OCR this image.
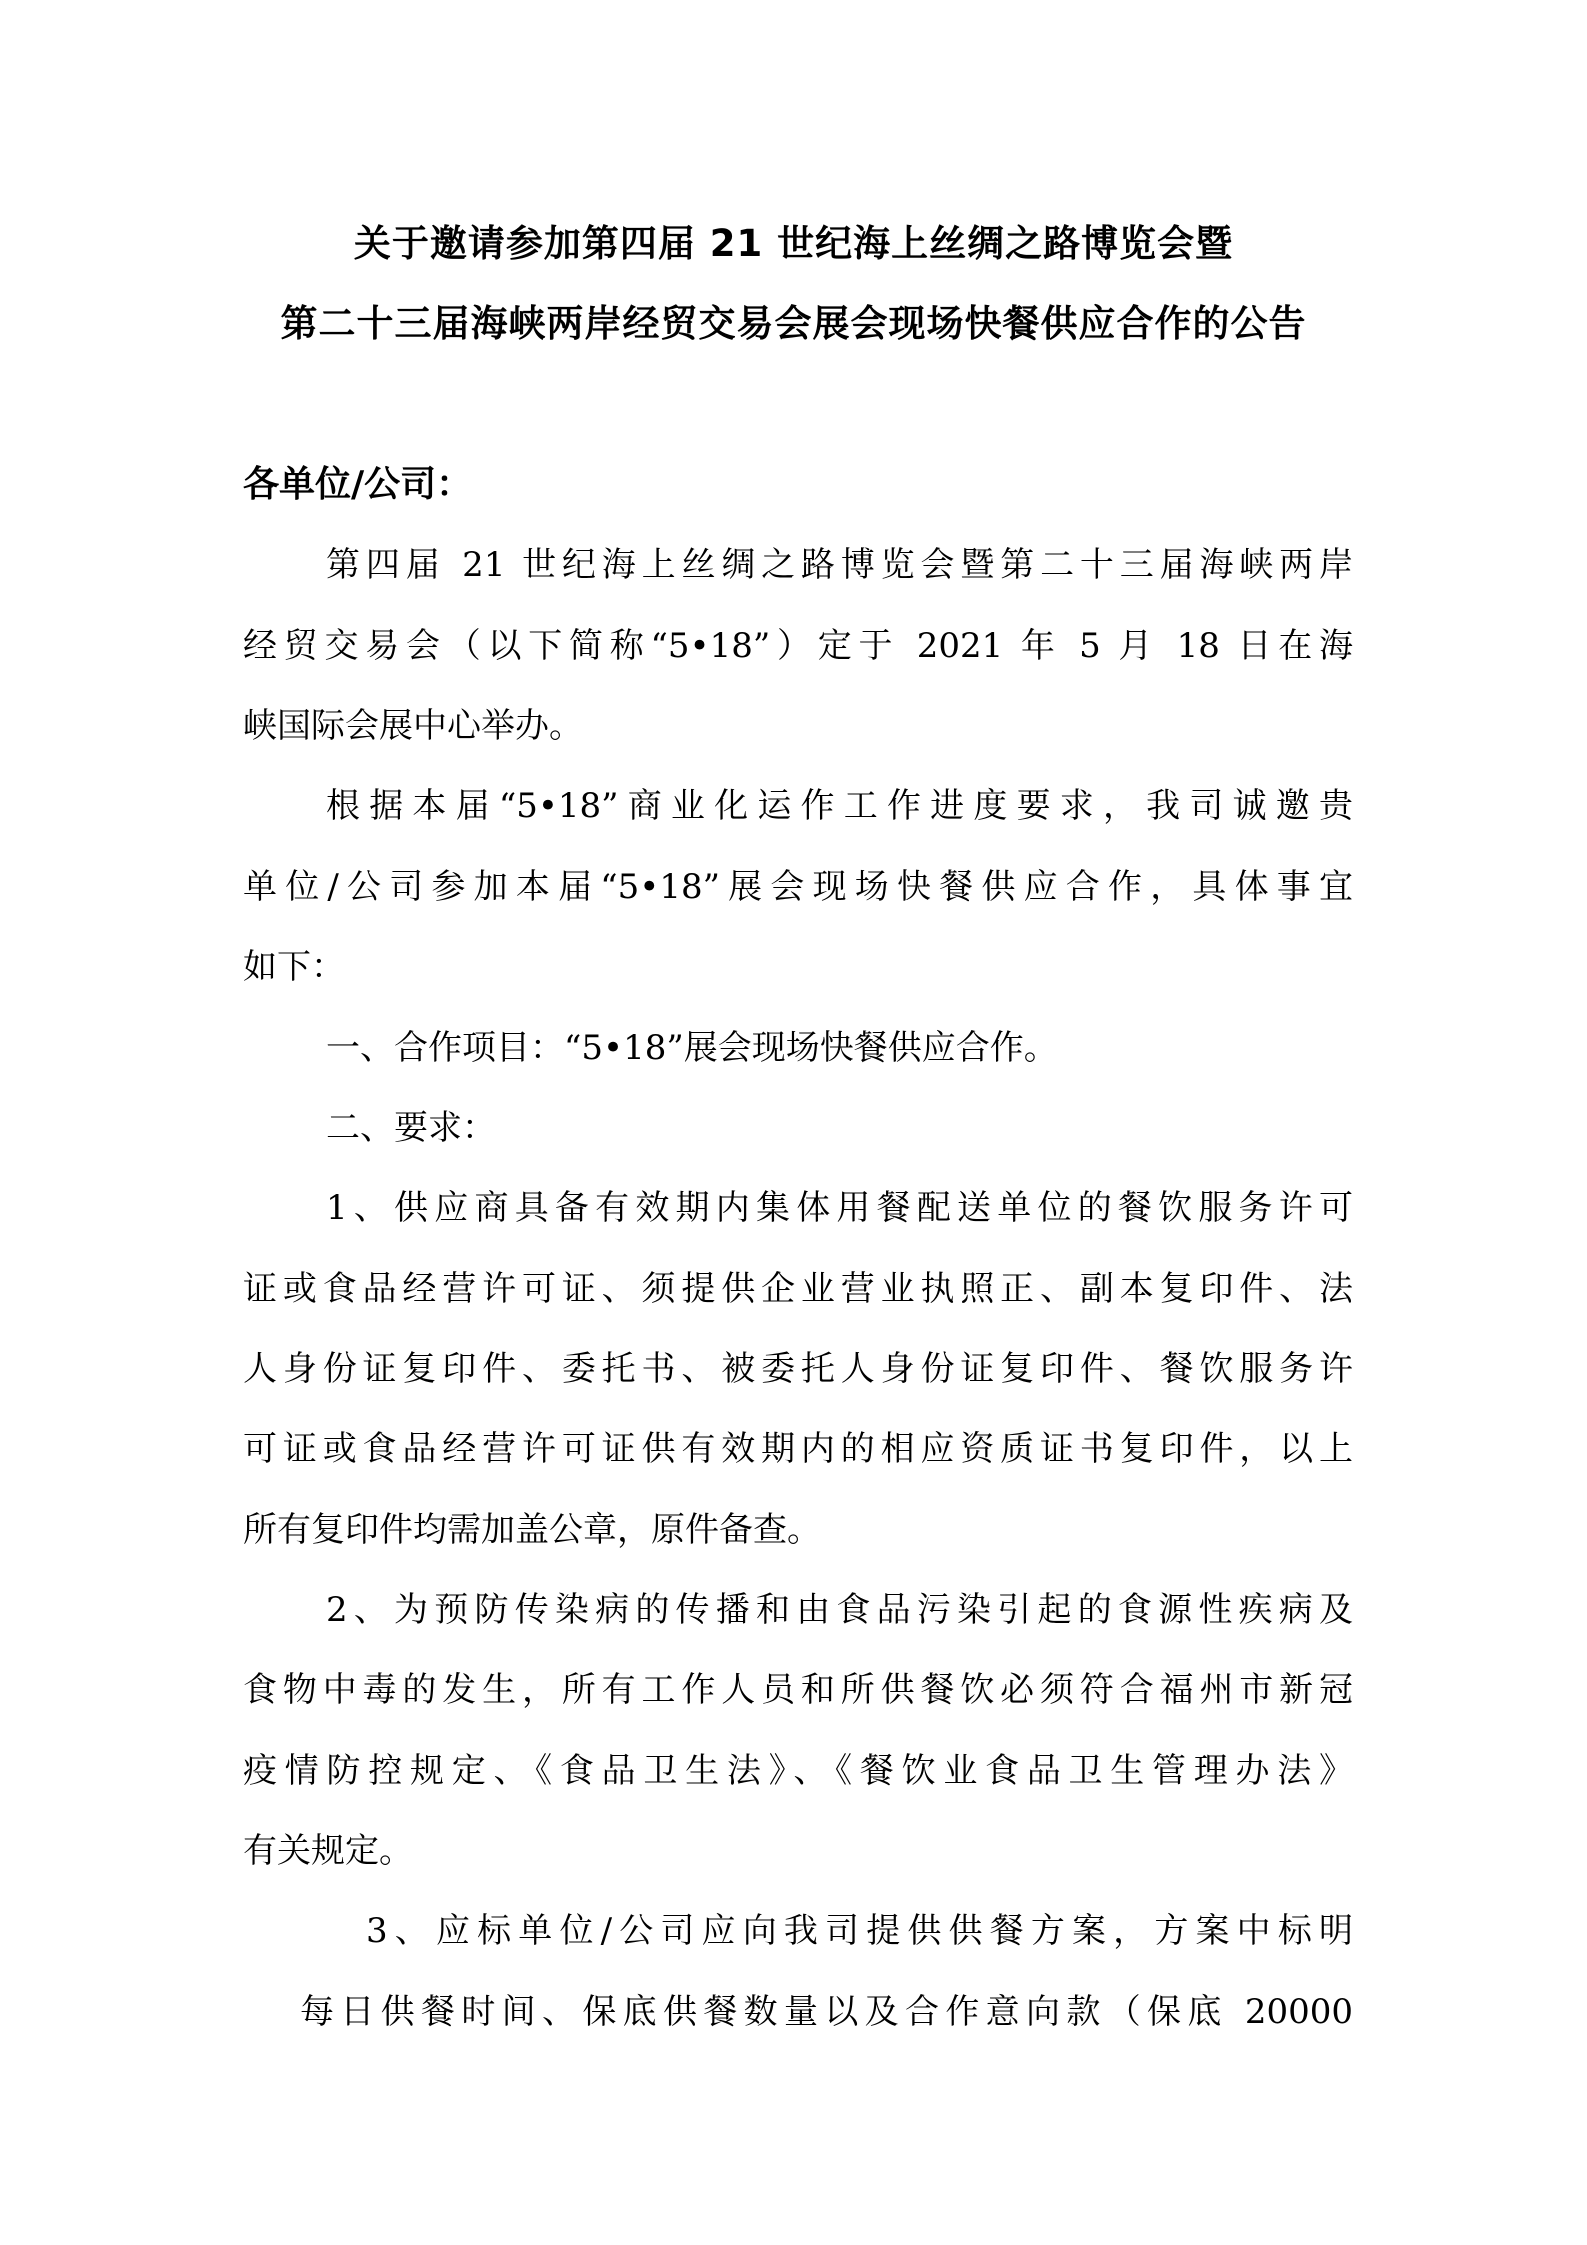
关于邀请参加第四届 21 世纪海上丝绸之路博览会暨
第二十三届海峡两岸经贸交易会展会现场快餐供应合作的公告
各单位/公司：
第四届 21 世纪海上丝绸之路博览会暨第二十三届海峡两岸
经贸交易会（以下简称“5•18”）定于 2021 年 5 月 18 日在海
峡国际会展中心举办。
根据本届“5•18”商业化运作工作进度要求，我司诚邀贵
单位/公司参加本届“5•18”展会现场快餐供应合作，具体事宜
如下：
一、合作项目：“5•18”展会现场快餐供应合作。
二、要求：
1、供应商具备有效期内集体用餐配送单位的餐饮服务许可
证或食品经营许可证、须提供企业营业执照正、副本复印件、法
人身份证复印件、委托书、被委托人身份证复印件、餐饮服务许
可证或食品经营许可证供有效期内的相应资质证书复印件，以上
所有复印件均需加盖公章，原件备查。
2、为预防传染病的传播和由食品污染引起的食源性疾病及
食物中毒的发生，所有工作人员和所供餐饮必须符合福州市新冠
疫情防控规定、《食品卫生法》、《餐饮业食品卫生管理办法》
有关规定。
3、应标单位/公司应向我司提供供餐方案，方案中标明
每日供餐时间、保底供餐数量以及合作意向款（保底 20000
